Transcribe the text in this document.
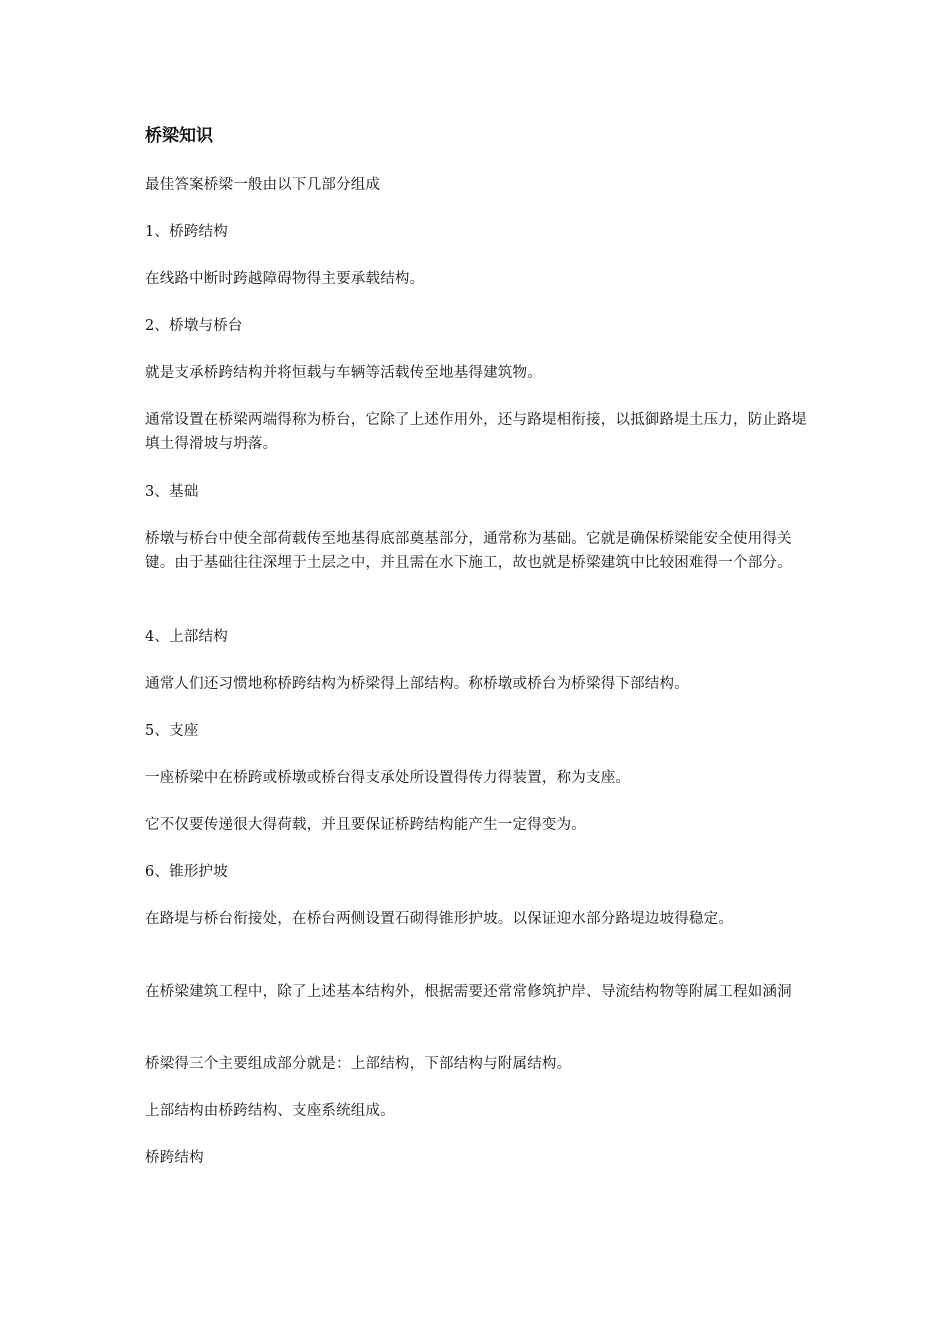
桥梁知识
最佳答案桥梁一般由以下几部分组成
1、桥跨结构
在线路中断时跨越障碍物得主要承载结构。
2、桥墩与桥台
就是支承桥跨结构并将恒载与车辆等活载传至地基得建筑物。
通常设置在桥梁两端得称为桥台，它除了上述作用外，还与路堤相衔接，以抵御路堤土压力，防止路堤填土得滑坡与坍落。
3、基础
桥墩与桥台中使全部荷载传至地基得底部奠基部分，通常称为基础。它就是确保桥梁能安全使用得关键。由于基础往往深埋于土层之中，并且需在水下施工，故也就是桥梁建筑中比较困难得一个部分。
4、上部结构
通常人们还习惯地称桥跨结构为桥梁得上部结构。称桥墩或桥台为桥梁得下部结构。
5、支座
一座桥梁中在桥跨或桥墩或桥台得支承处所设置得传力得装置，称为支座。
它不仅要传递很大得荷载，并且要保证桥跨结构能产生一定得变为。
6、锥形护坡
在路堤与桥台衔接处，在桥台两侧设置石砌得锥形护坡。以保证迎水部分路堤边坡得稳定。
在桥梁建筑工程中，除了上述基本结构外，根据需要还常常修筑护岸、导流结构物等附属工程如涵洞
桥梁得三个主要组成部分就是：上部结构，下部结构与附属结构。
上部结构由桥跨结构、支座系统组成。
桥跨结构
